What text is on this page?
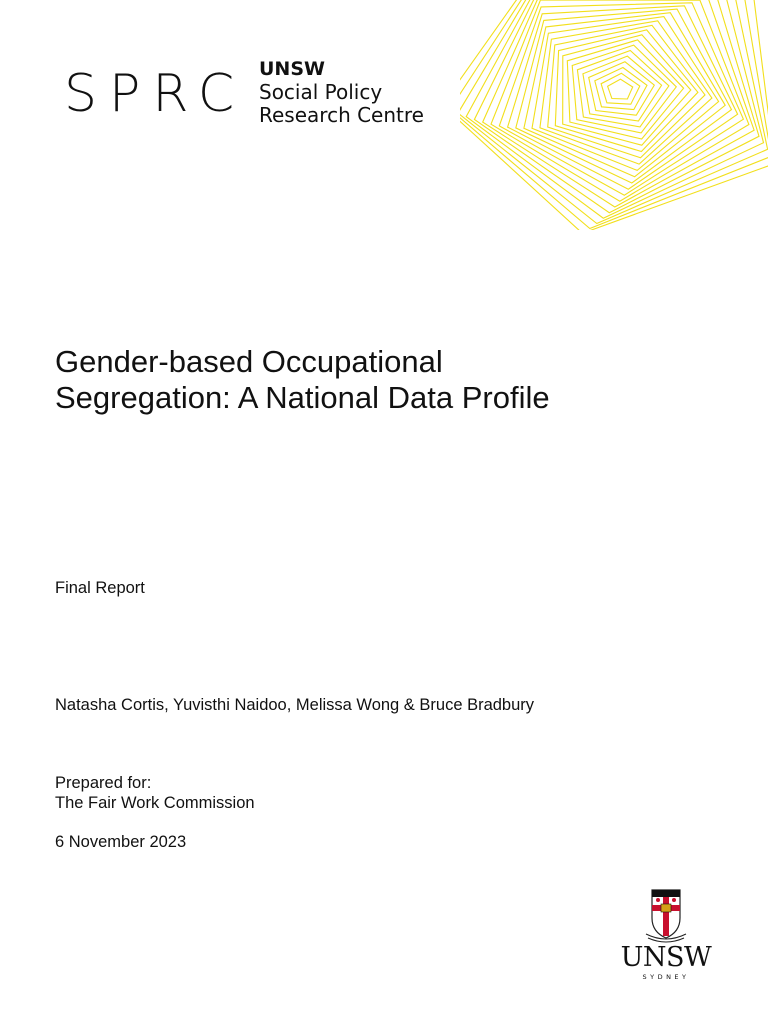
SPRC UNSW
Social Policy
Research Centre
Gender-based Occupational
Segregation: A National Data Profile
Final Report
Natasha Cortis, Yuvisthi Naidoo, Melissa Wong & Bruce Bradbury
Prepared for:
The Fair Work Commission
6 November 2023
UNSW
SYDNEY
